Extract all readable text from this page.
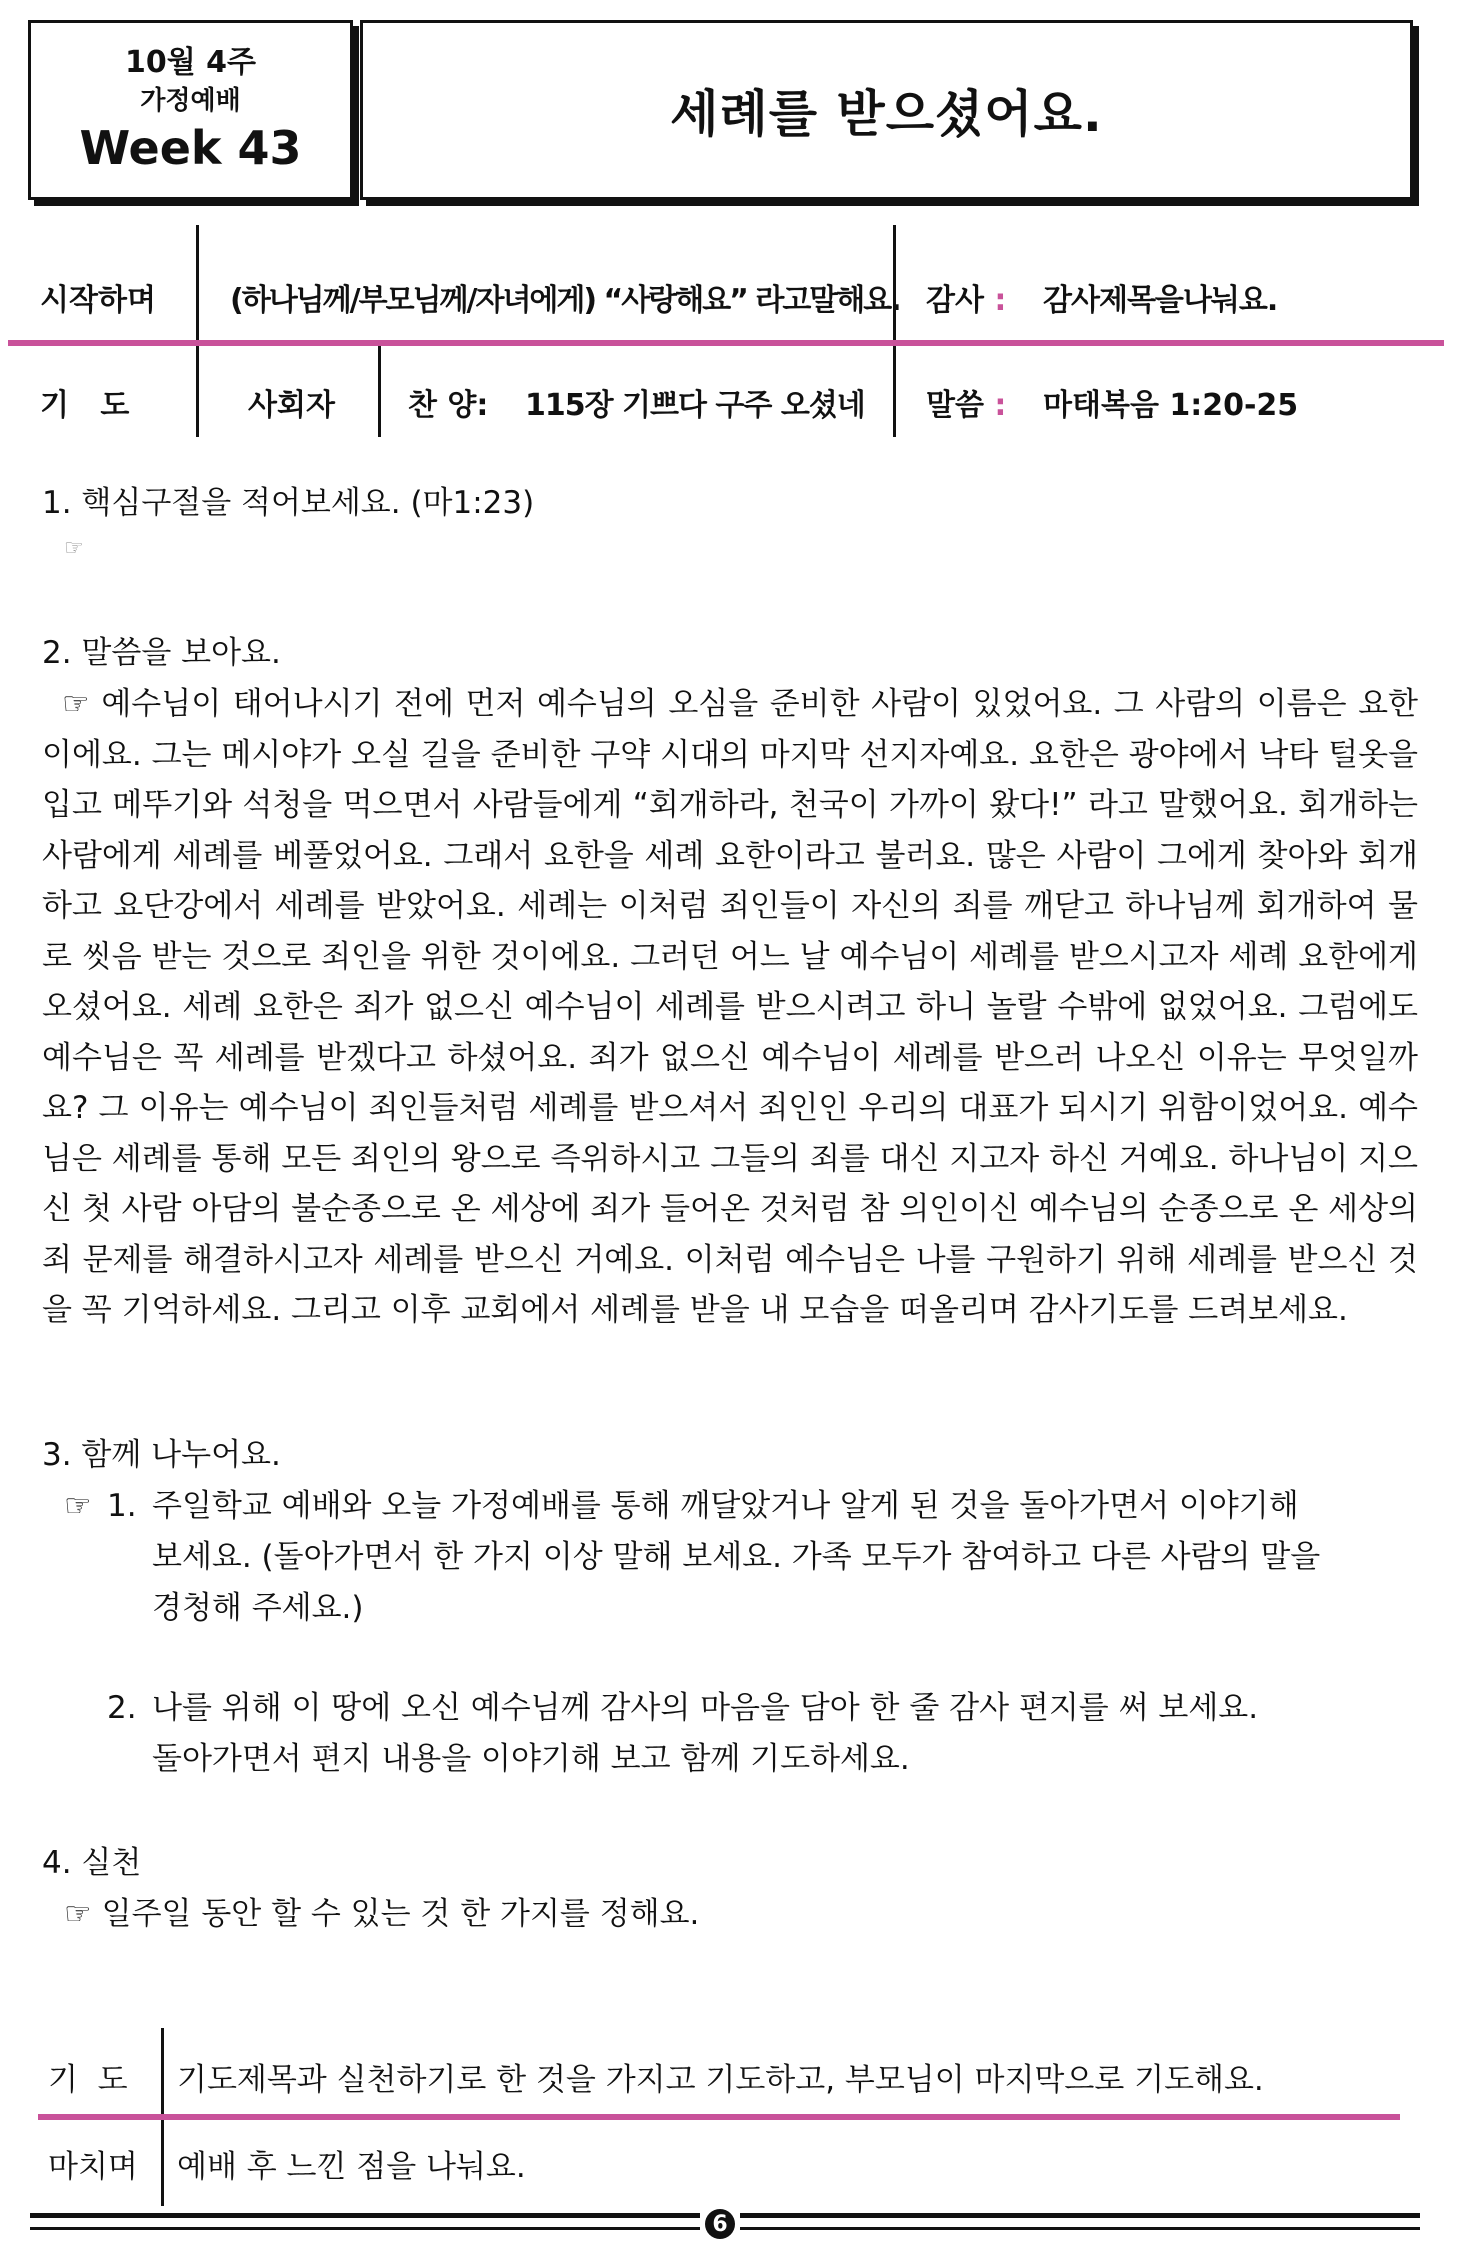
10월 4주
가정예배
Week 43
세례를 받으셨어요.
시작하며 (하나님께/부모님께/자녀에게) “사랑해요” 라고말해요. 감사 : 감사제목을나눠요.
기   도	사회자 찬 양: 115장 기쁘다 구주 오셨네 말씀 : 마태복음 1:20-25
1. 핵심구절을 적어보세요. (마1:23)
☞
2. 말씀을 보아요.
☞ 예수님이 태어나시기 전에 먼저 예수님의 오심을 준비한 사람이 있었어요. 그 사람의 이름은 요한이에요. 그는 메시야가 오실 길을 준비한 구약 시대의 마지막 선지자예요. 요한은 광야에서 낙타 털옷을 입고 메뚜기와 석청을 먹으면서 사람들에게 “회개하라, 천국이 가까이 왔다!” 라고 말했어요. 회개하는 사람에게 세례를 베풀었어요. 그래서 요한을 세례 요한이라고 불러요. 많은 사람이 그에게 찾아와 회개하고 요단강에서 세례를 받았어요. 세례는 이처럼 죄인들이 자신의 죄를 깨닫고 하나님께 회개하여 물로 씻음 받는 것으로 죄인을 위한 것이에요. 그러던 어느 날 예수님이 세례를 받으시고자 세례 요한에게 오셨어요. 세례 요한은 죄가 없으신 예수님이 세례를 받으시려고 하니 놀랄 수밖에 없었어요. 그럼에도 예수님은 꼭 세례를 받겠다고 하셨어요. 죄가 없으신 예수님이 세례를 받으러 나오신 이유는 무엇일까요? 그 이유는 예수님이 죄인들처럼 세례를 받으셔서 죄인인 우리의 대표가 되시기 위함이었어요. 예수님은 세례를 통해 모든 죄인의 왕으로 즉위하시고 그들의 죄를 대신 지고자 하신 거예요. 하나님이 지으신 첫 사람 아담의 불순종으로 온 세상에 죄가 들어온 것처럼 참 의인이신 예수님의 순종으로 온 세상의 죄 문제를 해결하시고자 세례를 받으신 거예요. 이처럼 예수님은 나를 구원하기 위해 세례를 받으신 것을 꼭 기억하세요. 그리고 이후 교회에서 세례를 받을 내 모습을 떠올리며 감사기도를 드려보세요.
3. 함께 나누어요.
☞ 1. 주일학교 예배와 오늘 가정예배를 통해 깨달았거나 알게 된 것을 돌아가면서 이야기해
보세요. (돌아가면서 한 가지 이상 말해 보세요. 가족 모두가 참여하고 다른 사람의 말을
경청해 주세요.)
2. 나를 위해 이 땅에 오신 예수님께 감사의 마음을 담아 한 줄 감사 편지를 써 보세요.
돌아가면서 편지 내용을 이야기해 보고 함께 기도하세요.
4. 실천
☞ 일주일 동안 할 수 있는 것 한 가지를 정해요.
기  도 기도제목과 실천하기로 한 것을 가지고 기도하고, 부모님이 마지막으로 기도해요.
마치며 예배 후 느낀 점을 나눠요.
6
